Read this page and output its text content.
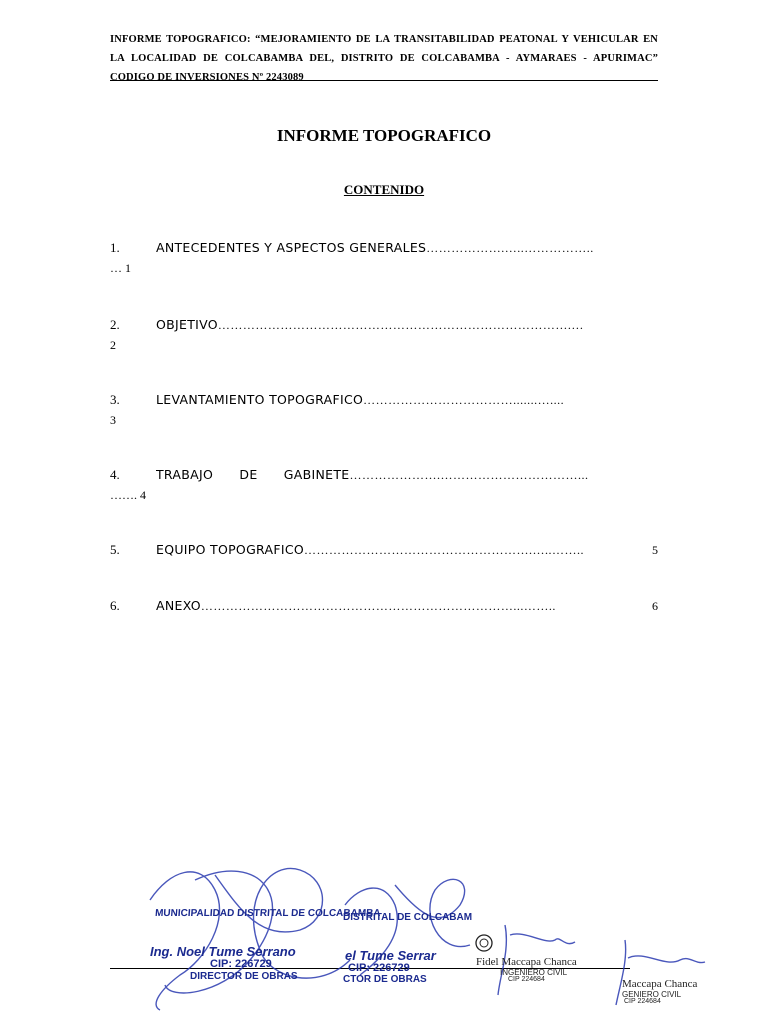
INFORME TOPOGRAFICO: “MEJORAMIENTO DE LA TRANSITABILIDAD PEATONAL Y VEHICULAR EN LA LOCALIDAD DE COLCABAMBA DEL, DISTRITO DE COLCABAMBA - AYMARAES - APURIMAC” CODIGO DE INVERSIONES Nº 2243089
INFORME TOPOGRAFICO
CONTENIDO
1.	ANTECEDENTES Y ASPECTOS GENERALES……………….…..……………..
… 1
2.	OBJETIVO………………………………………………………………………….…
2
3.	LEVANTAMIENTO TOPOGRAFICO……………………………….......…....
3
4.	TRABAJO DE GABINETE………………….……………………………...
……. 4
5.	EQUIPO TOPOGRAFICO……………………………………………….…..……..	5
6.	ANEXO…………………………………………………………………...……..	6
MUNICIPALIDAD DISTRITAL DE COLCABAMBA
Ing. Noel Tume Serrano
CIP: 226729
DIRECTOR DE OBRAS
DISTRITAL DE COLCABAM
el Tume Serrar
CIP: 226729
CTOR DE OBRAS
Fidel Maccapa Chanca
INGENIERO CIVIL
CIP 224684	Maccapa Chanca
GENIERO CIVIL
CIP 224684
